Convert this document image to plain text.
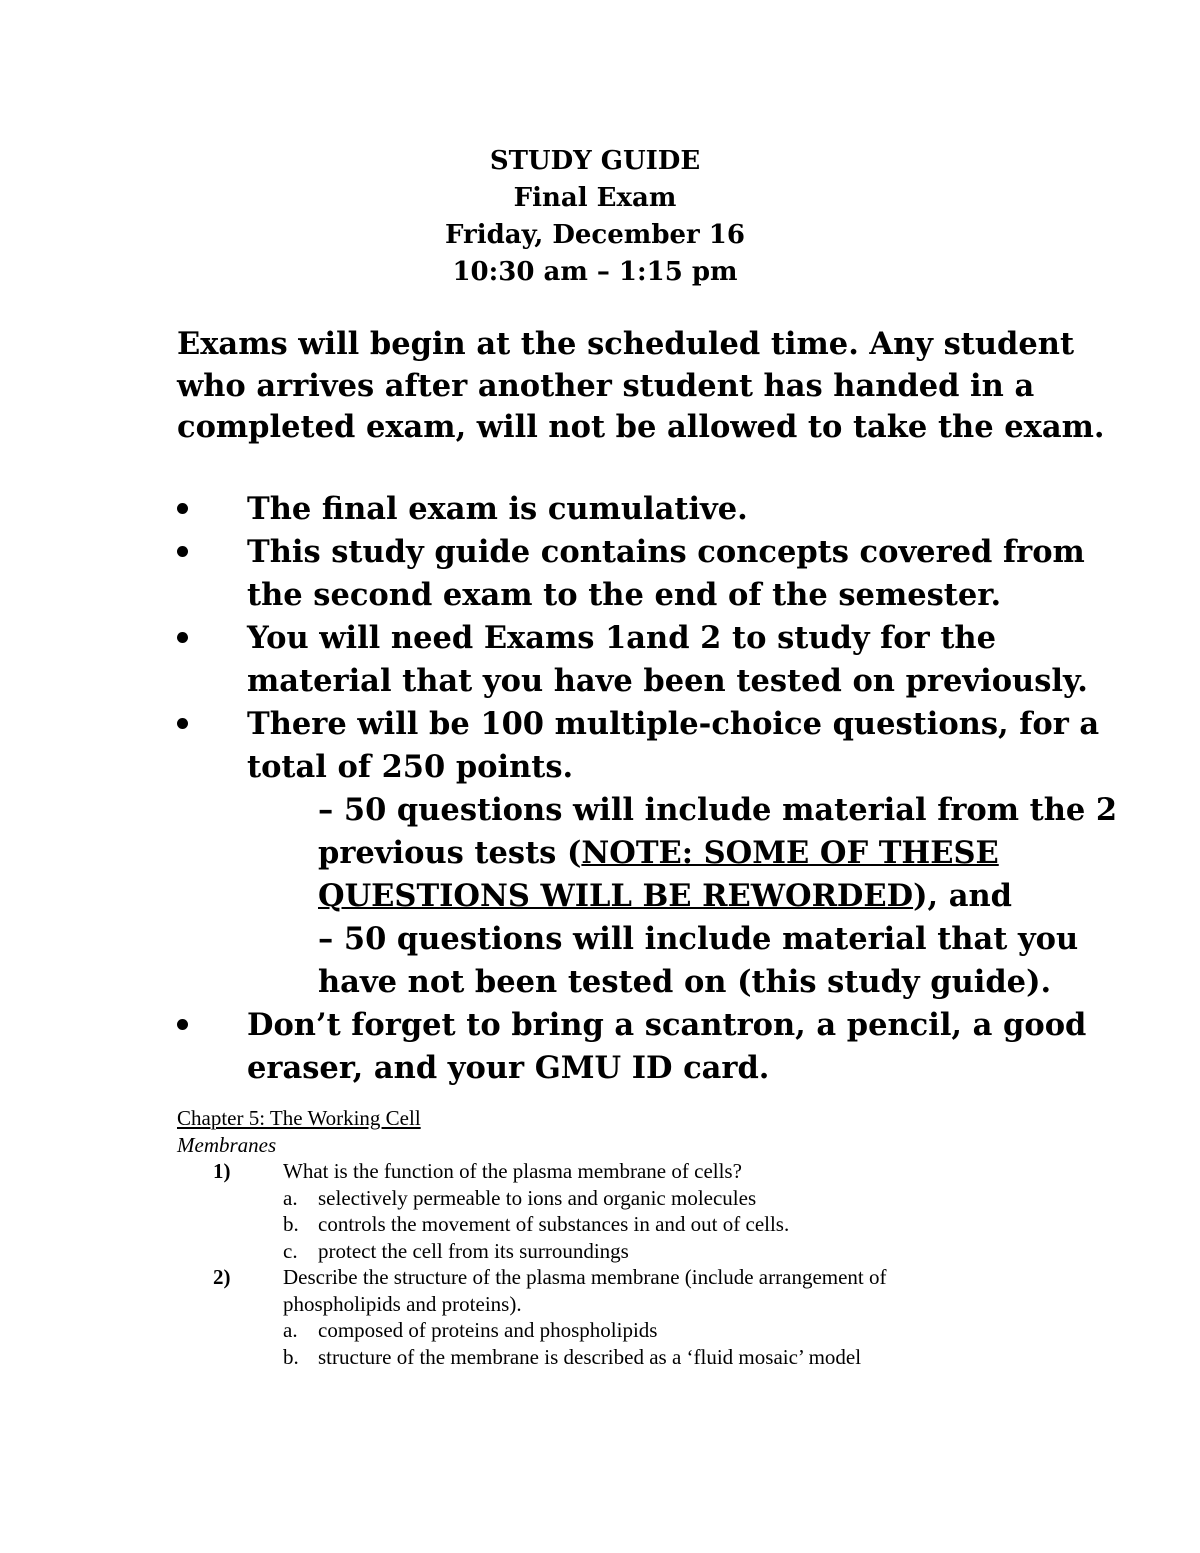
STUDY GUIDE
Final Exam
Friday, December 16
10:30 am – 1:15 pm
Exams will begin at the scheduled time. Any student
who arrives after another student has handed in a
completed exam, will not be allowed to take the exam.
The final exam is cumulative.
This study guide contains concepts covered from
the second exam to the end of the semester.
You will need Exams 1and 2 to study for the
material that you have been tested on previously.
There will be 100 multiple-choice questions, for a
total of 250 points.
– 50 questions will include material from the 2
previous tests (NOTE: SOME OF THESE
QUESTIONS WILL BE REWORDED), and
– 50 questions will include material that you
have not been tested on (this study guide).
Don’t forget to bring a scantron, a pencil, a good
eraser, and your GMU ID card.
Chapter 5: The Working Cell
Membranes
1)	What is the function of the plasma membrane of cells?
a. selectively permeable to ions and organic molecules
b. controls the movement of substances in and out of cells.
c. protect the cell from its surroundings
2)	Describe the structure of the plasma membrane (include arrangement of
phospholipids and proteins).
a. composed of proteins and phospholipids
b. structure of the membrane is described as a ‘fluid mosaic’ model
